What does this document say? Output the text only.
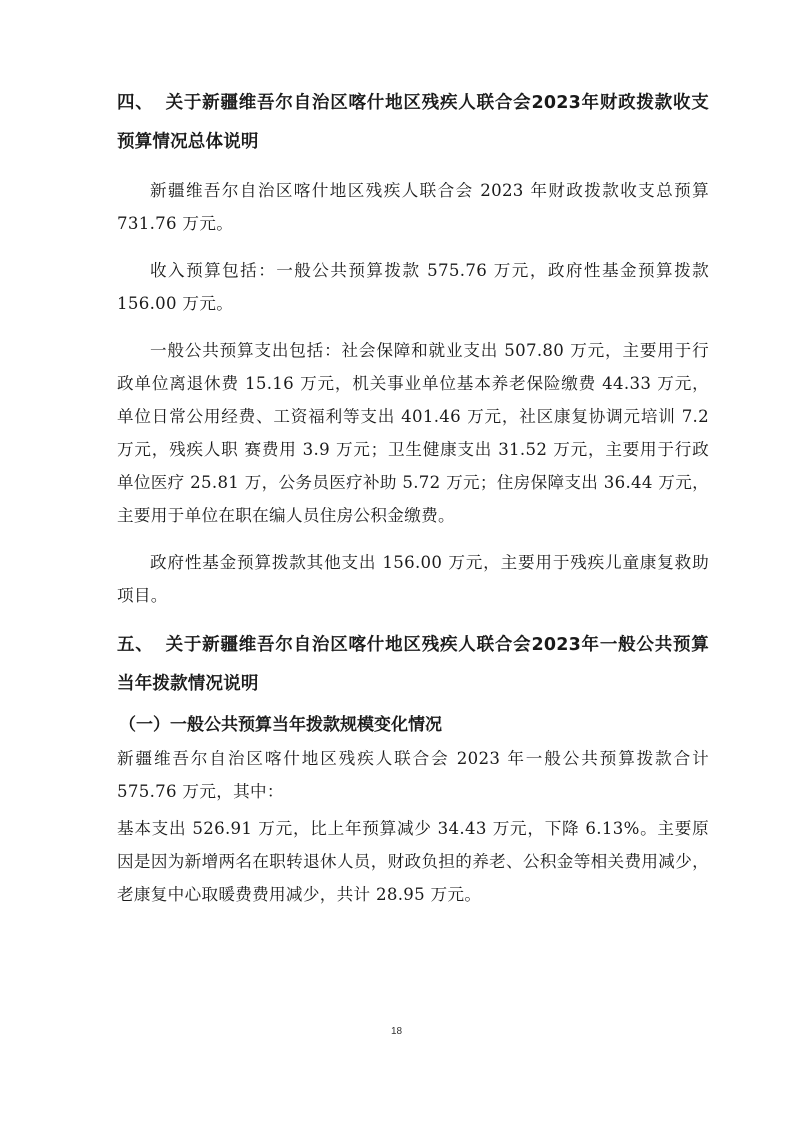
四、 关于新疆维吾尔自治区喀什地区残疾人联合会2023年财政拨款收支预算情况总体说明

新疆维吾尔自治区喀什地区残疾人联合会 2023 年财政拨款收支总预算 731.76 万元。

收入预算包括：一般公共预算拨款 575.76 万元，政府性基金预算拨款 156.00 万元。

一般公共预算支出包括：社会保障和就业支出 507.80 万元，主要用于行政单位离退休费 15.16 万元，机关事业单位基本养老保险缴费 44.33 万元，单位日常公用经费、工资福利等支出 401.46 万元，社区康复协调元培训 7.2 万元，残疾人职 赛费用 3.9 万元；卫生健康支出 31.52 万元，主要用于行政单位医疗 25.81 万，公务员医疗补助 5.72 万元；住房保障支出 36.44 万元，主要用于单位在职在编人员住房公积金缴费。

政府性基金预算拨款其他支出 156.00 万元，主要用于残疾儿童康复救助项目。

五、 关于新疆维吾尔自治区喀什地区残疾人联合会2023年一般公共预算当年拨款情况说明

（一）一般公共预算当年拨款规模变化情况

新疆维吾尔自治区喀什地区残疾人联合会 2023 年一般公共预算拨款合计 575.76 万元，其中：

基本支出 526.91 万元，比上年预算减少 34.43 万元，下降 6.13%。主要原因是因为新增两名在职转退休人员，财政负担的养老、公积金等相关费用减少，老康复中心取暖费费用减少，共计 28.95 万元。

18
